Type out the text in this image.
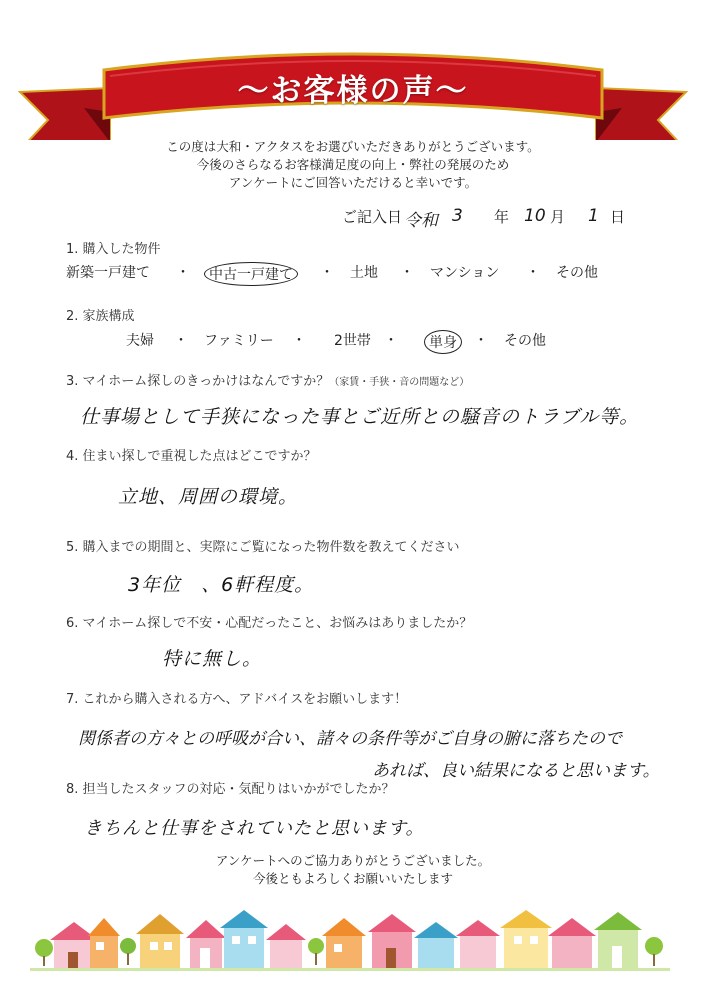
～お客様の声～
この度は大和・アクタスをお選びいただきありがとうございます。
今後のさらなるお客様満足度の向上・弊社の発展のため
アンケートにご回答いただけると幸いです。
ご記入日 令和 3 年 10 月 1 日
1. 購入した物件
新築一戸建て ・	中古一戸建て	・ 土地 ・ マンション ・ その他
2. 家族構成
夫婦 ・ ファミリー ・ 2世帯 ・	単身	・ その他
3. マイホーム探しのきっかけはなんですか？（家賃・手狭・音の問題など）
仕事場として手狭になった事とご近所との騒音のトラブル等。
4. 住まい探しで重視した点はどこですか？
立地、周囲の環境。
5. 購入までの期間と、実際にご覧になった物件数を教えてください
3年位　、6軒程度。
6. マイホーム探しで不安・心配だったこと、お悩みはありましたか？
特に無し。
7. これから購入される方へ、アドバイスをお願いします！
関係者の方々との呼吸が合い、諸々の条件等がご自身の腑に落ちたので
あれば、良い結果になると思います。
8. 担当したスタッフの対応・気配りはいかがでしたか？
きちんと仕事をされていたと思います。
アンケートへのご協力ありがとうございました。
今後ともよろしくお願いいたします
